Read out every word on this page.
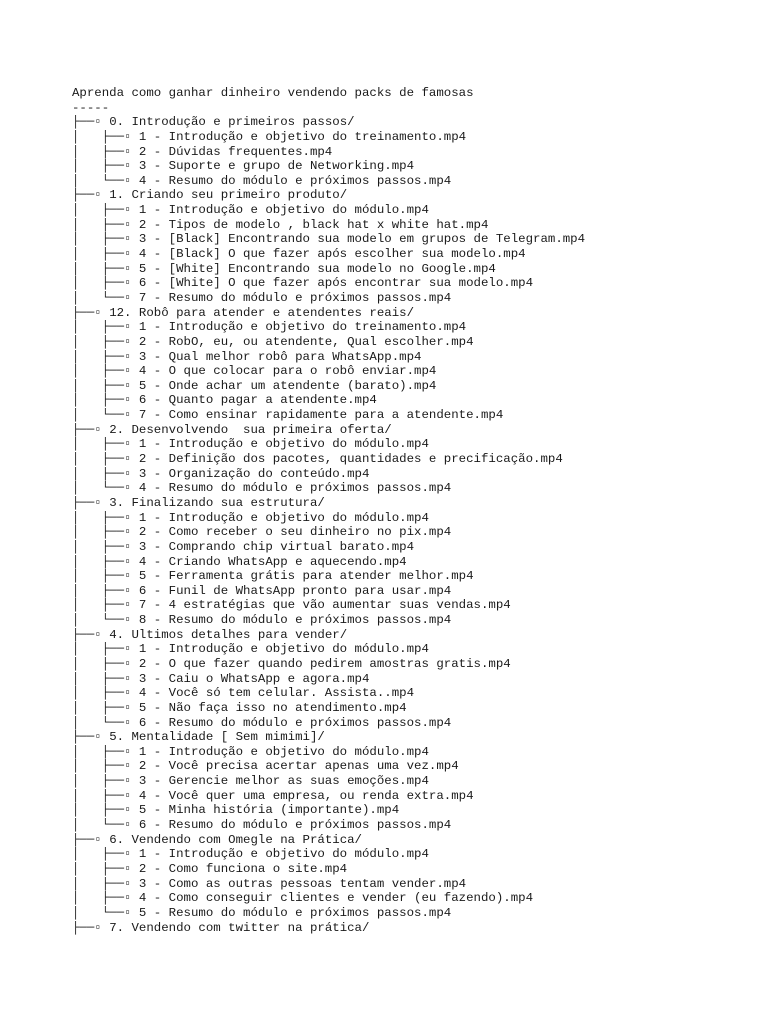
Aprenda como ganhar dinheiro vendendo packs de famosas
-----
├──▫ 0. Introdução e primeiros passos/
│   ├──▫ 1 - Introdução e objetivo do treinamento.mp4
│   ├──▫ 2 - Dúvidas frequentes.mp4
│   ├──▫ 3 - Suporte e grupo de Networking.mp4
│   └──▫ 4 - Resumo do módulo e próximos passos.mp4
├──▫ 1. Criando seu primeiro produto/
│   ├──▫ 1 - Introdução e objetivo do módulo.mp4
│   ├──▫ 2 - Tipos de modelo , black hat x white hat.mp4
│   ├──▫ 3 - [Black] Encontrando sua modelo em grupos de Telegram.mp4
│   ├──▫ 4 - [Black] O que fazer após escolher sua modelo.mp4
│   ├──▫ 5 - [White] Encontrando sua modelo no Google.mp4
│   ├──▫ 6 - [White] O que fazer após encontrar sua modelo.mp4
│   └──▫ 7 - Resumo do módulo e próximos passos.mp4
├──▫ 12. Robô para atender e atendentes reais/
│   ├──▫ 1 - Introdução e objetivo do treinamento.mp4
│   ├──▫ 2 - RobO, eu, ou atendente, Qual escolher.mp4
│   ├──▫ 3 - Qual melhor robô para WhatsApp.mp4
│   ├──▫ 4 - O que colocar para o robô enviar.mp4
│   ├──▫ 5 - Onde achar um atendente (barato).mp4
│   ├──▫ 6 - Quanto pagar a atendente.mp4
│   └──▫ 7 - Como ensinar rapidamente para a atendente.mp4
├──▫ 2. Desenvolvendo  sua primeira oferta/
│   ├──▫ 1 - Introdução e objetivo do módulo.mp4
│   ├──▫ 2 - Definição dos pacotes, quantidades e precificação.mp4
│   ├──▫ 3 - Organização do conteúdo.mp4
│   └──▫ 4 - Resumo do módulo e próximos passos.mp4
├──▫ 3. Finalizando sua estrutura/
│   ├──▫ 1 - Introdução e objetivo do módulo.mp4
│   ├──▫ 2 - Como receber o seu dinheiro no pix.mp4
│   ├──▫ 3 - Comprando chip virtual barato.mp4
│   ├──▫ 4 - Criando WhatsApp e aquecendo.mp4
│   ├──▫ 5 - Ferramenta grátis para atender melhor.mp4
│   ├──▫ 6 - Funil de WhatsApp pronto para usar.mp4
│   ├──▫ 7 - 4 estratégias que vão aumentar suas vendas.mp4
│   └──▫ 8 - Resumo do módulo e próximos passos.mp4
├──▫ 4. Ultimos detalhes para vender/
│   ├──▫ 1 - Introdução e objetivo do módulo.mp4
│   ├──▫ 2 - O que fazer quando pedirem amostras gratis.mp4
│   ├──▫ 3 - Caiu o WhatsApp e agora.mp4
│   ├──▫ 4 - Você só tem celular. Assista..mp4
│   ├──▫ 5 - Não faça isso no atendimento.mp4
│   └──▫ 6 - Resumo do módulo e próximos passos.mp4
├──▫ 5. Mentalidade [ Sem mimimi]/
│   ├──▫ 1 - Introdução e objetivo do módulo.mp4
│   ├──▫ 2 - Você precisa acertar apenas uma vez.mp4
│   ├──▫ 3 - Gerencie melhor as suas emoções.mp4
│   ├──▫ 4 - Você quer uma empresa, ou renda extra.mp4
│   ├──▫ 5 - Minha história (importante).mp4
│   └──▫ 6 - Resumo do módulo e próximos passos.mp4
├──▫ 6. Vendendo com Omegle na Prática/
│   ├──▫ 1 - Introdução e objetivo do módulo.mp4
│   ├──▫ 2 - Como funciona o site.mp4
│   ├──▫ 3 - Como as outras pessoas tentam vender.mp4
│   ├──▫ 4 - Como conseguir clientes e vender (eu fazendo).mp4
│   └──▫ 5 - Resumo do módulo e próximos passos.mp4
├──▫ 7. Vendendo com twitter na prática/
